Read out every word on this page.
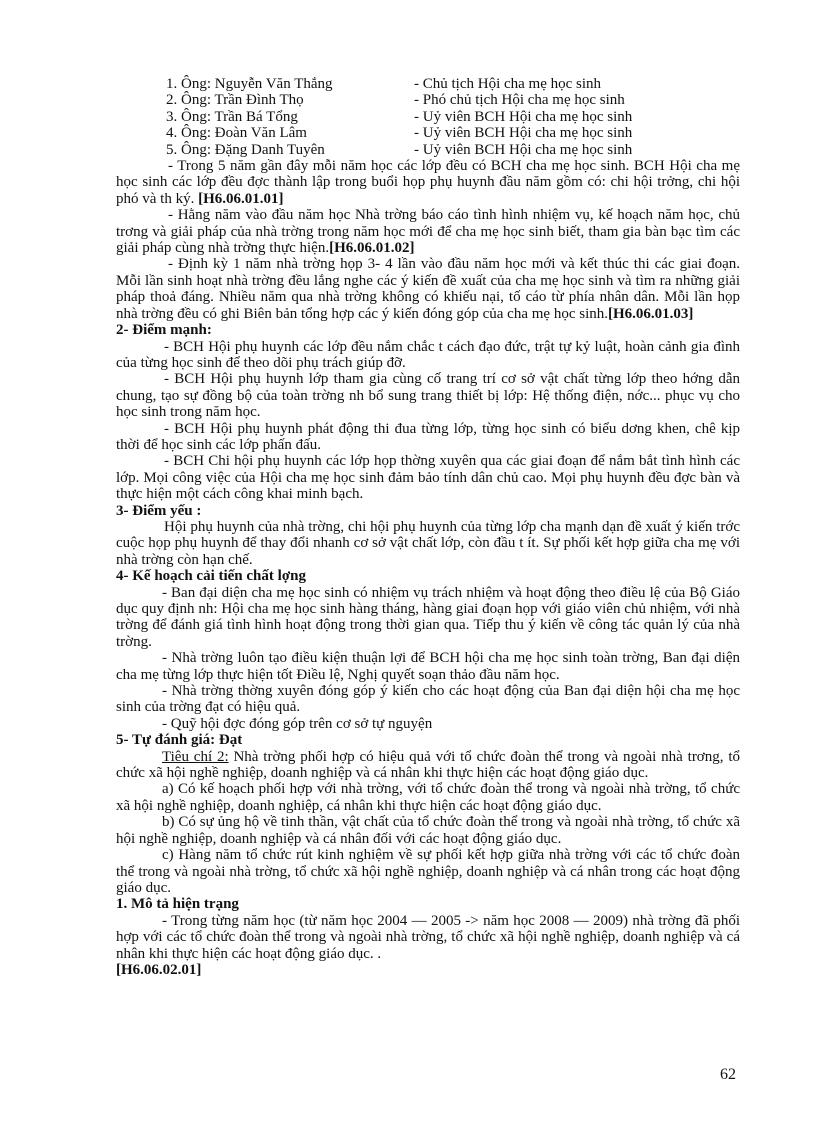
1. Ông: Nguyễn Văn Thắng	- Chủ tịch Hội cha mẹ học sinh
2. Ông: Trần Đình Thọ	- Phó chủ tịch Hội cha mẹ học sinh
3. Ông: Trần Bá Tổng	- Uỷ viên BCH Hội cha mẹ học sinh
4. Ông: Đoàn Văn Lâm	- Uỷ viên BCH Hội cha mẹ học sinh
5. Ông: Đặng Danh Tuyên	- Uỷ viên BCH Hội cha mẹ học sinh

- Trong 5 năm gần đây mỗi năm học các lớp đều có BCH cha mẹ học sinh. BCH Hội cha mẹ học sinh các lớp đều đợc thành lập trong buổi họp phụ huynh đầu năm gồm có: chi hội trởng, chi hội phó và th ký. [H6.06.01.01]

- Hằng năm vào đầu năm học Nhà trờng báo cáo tình hình nhiệm vụ, kế hoạch năm học, chủ trơng và giải pháp của nhà trờng trong năm học mới để cha mẹ học sinh biết, tham gia bàn bạc tìm các giải pháp cùng nhà trờng thực hiện.[H6.06.01.02]

- Định kỳ 1 năm nhà trờng họp 3- 4 lần vào đầu năm học mới và kết thúc thi các giai đoạn. Mỗi lần sinh hoạt nhà trờng đều lắng nghe các ý kiến đề xuất của cha mẹ học sinh và tìm ra những giải pháp thoả đáng. Nhiều năm qua nhà trờng không có khiếu nại, tố cáo từ phía nhân dân. Mỗi lần họp nhà trờng đều có ghi Biên bản tổng hợp các ý kiến đóng góp của cha mẹ học sinh.[H6.06.01.03]

2- Điểm mạnh:

- BCH Hội phụ huynh các lớp đều nắm chắc t cách đạo đức, trật tự kỷ luật, hoàn cảnh gia đình của từng học sinh để theo dõi phụ trách giúp đỡ.

- BCH Hội phụ huynh lớp tham gia cùng cố trang trí cơ sở vật chất từng lớp theo hớng dẫn chung, tạo sự đồng bộ của toàn trờng nh bổ sung trang thiết bị lớp: Hệ thống điện, nớc... phục vụ cho học sinh trong năm học.

- BCH Hội phụ huynh phát động thi đua từng lớp, từng học sinh có biểu dơng khen, chê kịp thời để học sinh các lớp phấn đấu.

- BCH Chi hội phụ huynh các lớp họp thờng xuyên qua các giai đoạn để nắm bắt tình hình các lớp. Mọi công việc của Hội cha mẹ học sinh đảm bảo tính dân chủ cao. Mọi phụ huynh đều đợc bàn và thực hiện một cách công khai minh bạch.

3- Điểm yếu :

Hội phụ huynh của nhà trờng, chi hội phụ huynh của từng lớp cha mạnh dạn đề xuất ý kiến trớc cuộc họp phụ huynh để thay đổi nhanh cơ sở vật chất lớp, còn đầu t ít. Sự phối kết hợp giữa cha mẹ với nhà trờng còn hạn chế.

4- Kế hoạch cải tiến chất lợng

- Ban đại diện cha mẹ học sinh có nhiệm vụ trách nhiệm và hoạt động theo điều lệ của Bộ Giáo dục quy định nh: Hội cha mẹ học sinh hàng tháng, hàng giai đoạn họp với giáo viên chủ nhiệm, với nhà trờng để đánh giá tình hình hoạt động trong thời gian qua. Tiếp thu ý kiến về công tác quản lý của nhà trờng.

- Nhà trờng luôn tạo điều kiện thuận lợi để BCH hội cha mẹ học sinh toàn trờng, Ban đại diện cha mẹ từng lớp thực hiện tốt Điều lệ, Nghị quyết soạn thảo đầu năm học.

- Nhà trờng thờng xuyên đóng góp ý kiến cho các hoạt động của Ban đại diện hội cha mẹ học sinh của trờng đạt có hiệu quả.

- Quỹ hội đợc đóng góp trên cơ sở tự nguyện

5- Tự đánh giá: Đạt

Tiêu chí 2: Nhà trờng phối hợp có hiệu quả với tổ chức đoàn thể trong và ngoài nhà trơng, tổ chức xã hội nghề nghiệp, doanh nghiệp và cá nhân khi thực hiện các hoạt động giáo dục.

a) Có kế hoạch phối hợp với nhà trờng, với tổ chức đoàn thể trong và ngoài nhà trờng, tổ chức xã hội nghề nghiệp, doanh nghiệp, cá nhân khi thực hiện các hoạt động giáo dục.

b) Có sự ủng hộ về tinh thần, vật chất của tổ chức đoàn thể trong và ngoài nhà trờng, tổ chức xã hội nghề nghiệp, doanh nghiệp và cá nhân đối với các hoạt động giáo dục.

c) Hàng năm tổ chức rút kinh nghiệm về sự phối kết hợp giữa nhà trờng với các tổ chức đoàn thể trong và ngoài nhà trờng, tổ chức xã hội nghề nghiệp, doanh nghiệp và cá nhân trong các hoạt động giáo dục.

1. Mô tả hiện trạng

- Trong từng năm học (từ năm học 2004 — 2005 -> năm học 2008 — 2009) nhà trờng đã phối hợp với các tổ chức đoàn thể trong và ngoài nhà trờng, tổ chức xã hội nghề nghiệp, doanh nghiệp và cá nhân khi thực hiện các hoạt động giáo dục. .
[H6.06.02.01]

62
